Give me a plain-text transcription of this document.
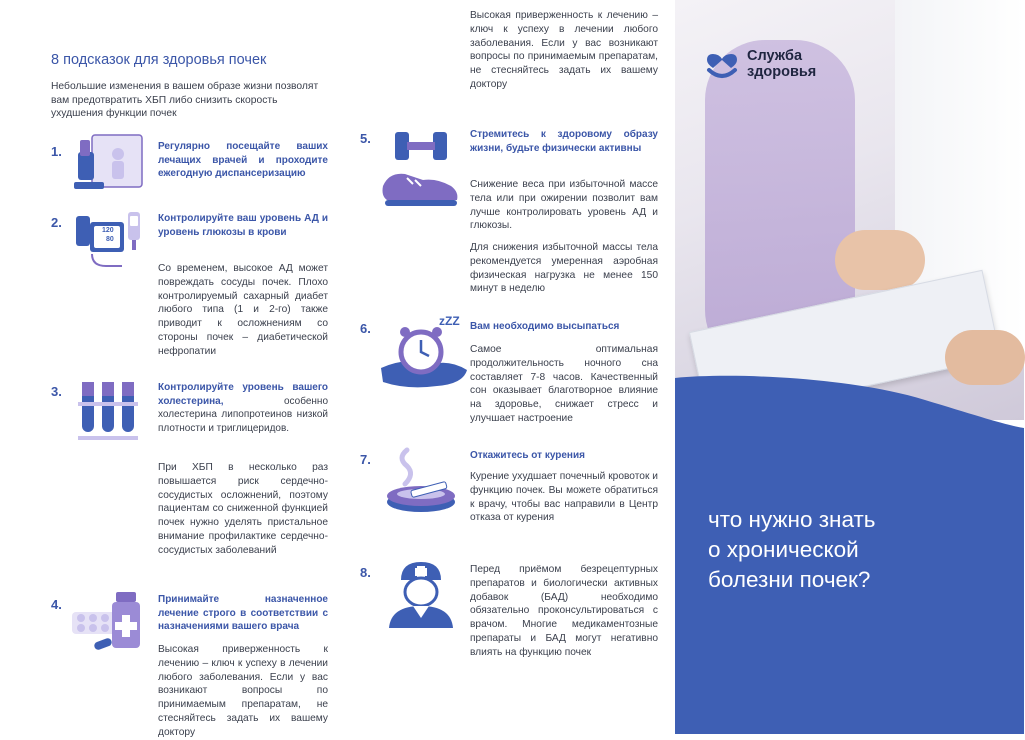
8 подсказок для здоровья почек
Небольшие изменения в вашем образе жизни позволят вам предотвратить ХБП либо снизить скорость ухудшения функции почек
1.	Регулярно посещайте ваших лечащих врачей и проходите ежегодную диспансеризацию
2.
120
80
Контролируйте ваш уровень АД и уровень глюкозы в крови
Со временем, высокое АД может повреждать сосуды почек. Плохо контролируемый сахарный диабет любого типа (1 и 2-го) также приводит к осложнениям со стороны почек – диабетической нефропатии
3.	Контролируйте уровень вашего холестерина, особенно холестерина липопротеинов низкой плотности и триглицеридов.
При ХБП в несколько раз повышается риск сердечно-сосудистых осложнений, поэтому пациентам со сниженной функцией почек нужно уделять пристальное внимание профилактике сердечно-сосудистых заболеваний
4.	Принимайте назначенное лечение строго в соответствии с назначениями вашего врача
Высокая приверженность к лечению – ключ к успеху в лечении любого заболевания. Если у вас возникают вопросы по принимаемым препаратам, не стесняйтесь задать их вашему доктору
Высокая приверженность к лечению – ключ к успеху в лечении любого заболевания. Если у вас возникают вопросы по принимаемым препаратам, не стесняйтесь задать их вашему доктору
5.	Стремитесь к здоровому образу жизни, будьте физически активны
Снижение веса при избыточной массе тела или при ожирении позволит вам лучше контролировать уровень АД и глюкозы.
Для снижения избыточной массы тела рекомендуется умеренная аэробная физическая нагрузка не менее 150 минут в неделю
6.	zZZ Вам необходимо высыпаться
Самое оптимальная продолжительность ночного сна составляет 7-8 часов. Качественный сон оказывает благотворное влияние на здоровье, снижает стресс и улучшает настроение
7.	Откажитесь от курения
Курение ухудшает почечный кровоток и функцию почек. Вы можете обратиться к врачу, чтобы вас направили в Центр отказа от курения
8.	Перед приёмом безрецептурных препаратов и биологически активных добавок (БАД) необходимо обязательно проконсультироваться с врачом. Многие медикаментозные препараты и БАД могут негативно влиять на функцию почек
Служба
здоровья
что нужно знать
о хронической
болезни почек?
